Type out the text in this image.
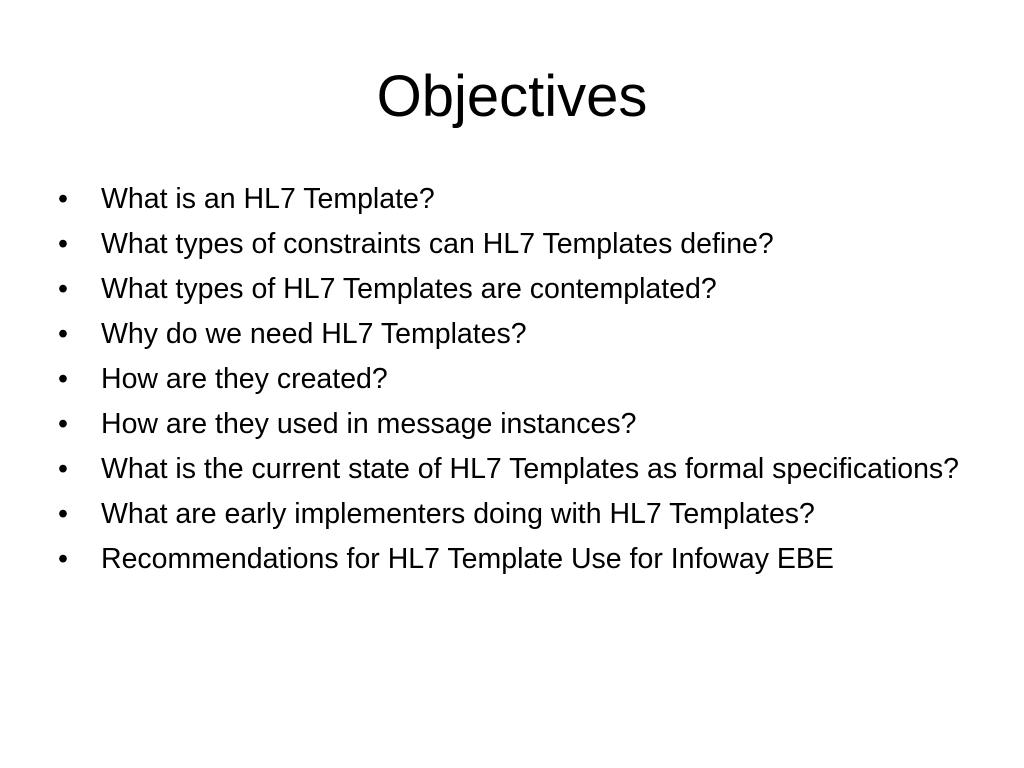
Objectives
•	What is an HL7 Template?
•	What types of constraints can HL7 Templates define?
•	What types of HL7 Templates are contemplated?
•	Why do we need HL7 Templates?
•	How are they created?
•	How are they used in message instances?
•	What is the current state of HL7 Templates as formal specifications?
•	What are early implementers doing with HL7 Templates?
•	Recommendations for HL7 Template Use for Infoway EBE
